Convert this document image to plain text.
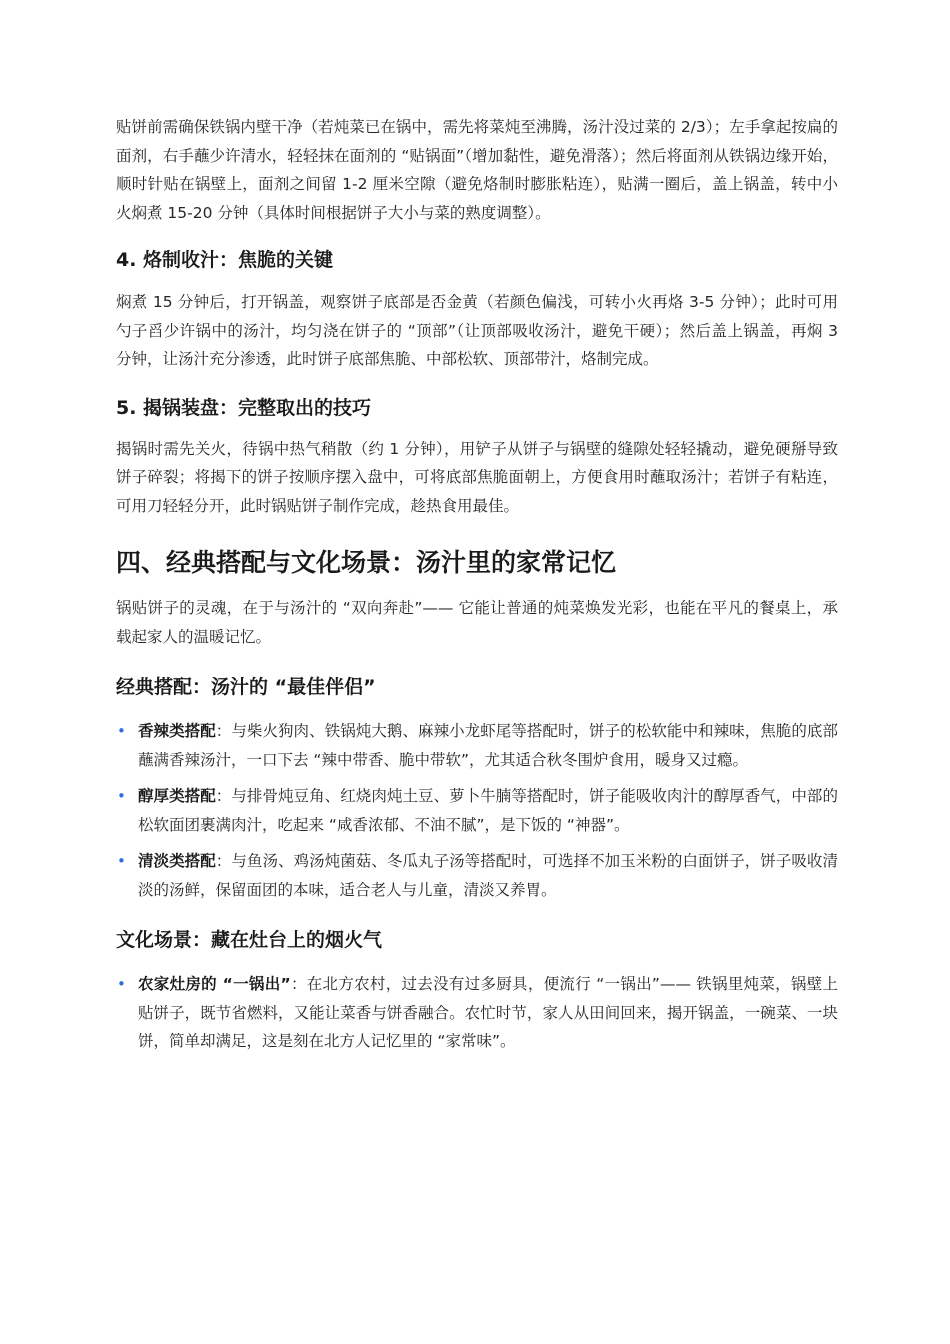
贴饼前需确保铁锅内壁干净（若炖菜已在锅中，需先将菜炖至沸腾，汤汁没过菜的 2/3）；左手拿起按扁的面剂，右手蘸少许清水，轻轻抹在面剂的 “贴锅面”（增加黏性，避免滑落）；然后将面剂从铁锅边缘开始，顺时针贴在锅壁上，面剂之间留 1-2 厘米空隙（避免烙制时膨胀粘连），贴满一圈后，盖上锅盖，转中小火焖煮 15-20 分钟（具体时间根据饼子大小与菜的熟度调整）。

4. 烙制收汁：焦脆的关键

焖煮 15 分钟后，打开锅盖，观察饼子底部是否金黄（若颜色偏浅，可转小火再烙 3-5 分钟）；此时可用勺子舀少许锅中的汤汁，均匀浇在饼子的 “顶部”（让顶部吸收汤汁，避免干硬）；然后盖上锅盖，再焖 3 分钟，让汤汁充分渗透，此时饼子底部焦脆、中部松软、顶部带汁，烙制完成。

5. 揭锅装盘：完整取出的技巧

揭锅时需先关火，待锅中热气稍散（约 1 分钟），用铲子从饼子与锅壁的缝隙处轻轻撬动，避免硬掰导致饼子碎裂；将揭下的饼子按顺序摆入盘中，可将底部焦脆面朝上，方便食用时蘸取汤汁；若饼子有粘连，可用刀轻轻分开，此时锅贴饼子制作完成，趁热食用最佳。

四、经典搭配与文化场景：汤汁里的家常记忆

锅贴饼子的灵魂，在于与汤汁的 “双向奔赴”—— 它能让普通的炖菜焕发光彩，也能在平凡的餐桌上，承载起家人的温暖记忆。

经典搭配：汤汁的 “最佳伴侣”
• 香辣类搭配：与柴火狗肉、铁锅炖大鹅、麻辣小龙虾尾等搭配时，饼子的松软能中和辣味，焦脆的底部蘸满香辣汤汁，一口下去 “辣中带香、脆中带软”，尤其适合秋冬围炉食用，暖身又过瘾。
• 醇厚类搭配：与排骨炖豆角、红烧肉炖土豆、萝卜牛腩等搭配时，饼子能吸收肉汁的醇厚香气，中部的松软面团裹满肉汁，吃起来 “咸香浓郁、不油不腻”，是下饭的 “神器”。
• 清淡类搭配：与鱼汤、鸡汤炖菌菇、冬瓜丸子汤等搭配时，可选择不加玉米粉的白面饼子，饼子吸收清淡的汤鲜，保留面团的本味，适合老人与儿童，清淡又养胃。
文化场景：藏在灶台上的烟火气
• 农家灶房的 “一锅出”：在北方农村，过去没有过多厨具，便流行 “一锅出”—— 铁锅里炖菜，锅壁上贴饼子，既节省燃料，又能让菜香与饼香融合。农忙时节，家人从田间回来，揭开锅盖，一碗菜、一块饼，简单却满足，这是刻在北方人记忆里的 “家常味”。
